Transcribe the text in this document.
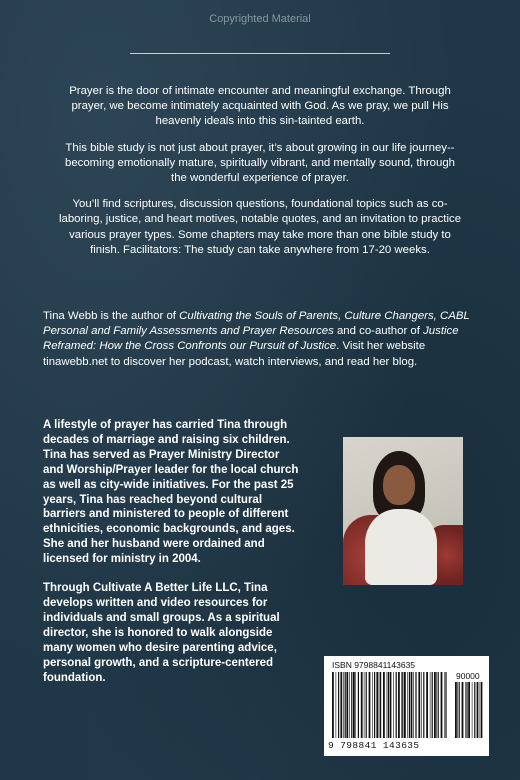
Copyrighted Material

Prayer is the door of intimate encounter and meaningful exchange. Through prayer, we become intimately acquainted with God. As we pray, we pull His heavenly ideals into this sin-tainted earth.

This bible study is not just about prayer, it’s about growing in our life journey--becoming emotionally mature, spiritually vibrant, and mentally sound, through the wonderful experience of prayer.

You’ll find scriptures, discussion questions, foundational topics such as co-laboring, justice, and heart motives, notable quotes, and an invitation to practice various prayer types. Some chapters may take more than one bible study to finish. Facilitators: The study can take anywhere from 17-20 weeks.

Tina Webb is the author of Cultivating the Souls of Parents, Culture Changers, CABL Personal and Family Assessments and Prayer Resources and co-author of Justice Reframed: How the Cross Confronts our Pursuit of Justice. Visit her website tinawebb.net to discover her podcast, watch interviews, and read her blog.

A lifestyle of prayer has carried Tina through decades of marriage and raising six children. Tina has served as Prayer Ministry Director and Worship/Prayer leader for the local church as well as city-wide initiatives. For the past 25 years, Tina has reached beyond cultural barriers and ministered to people of different ethnicities, economic backgrounds, and ages. She and her husband were ordained and licensed for ministry in 2004.

Through Cultivate A Better Life LLC, Tina develops written and video resources for individuals and small groups. As a spiritual director, she is honored to walk alongside many women who desire parenting advice, personal growth, and a scripture-centered foundation.

ISBN 9798841143635
90000
9 798841 143635
